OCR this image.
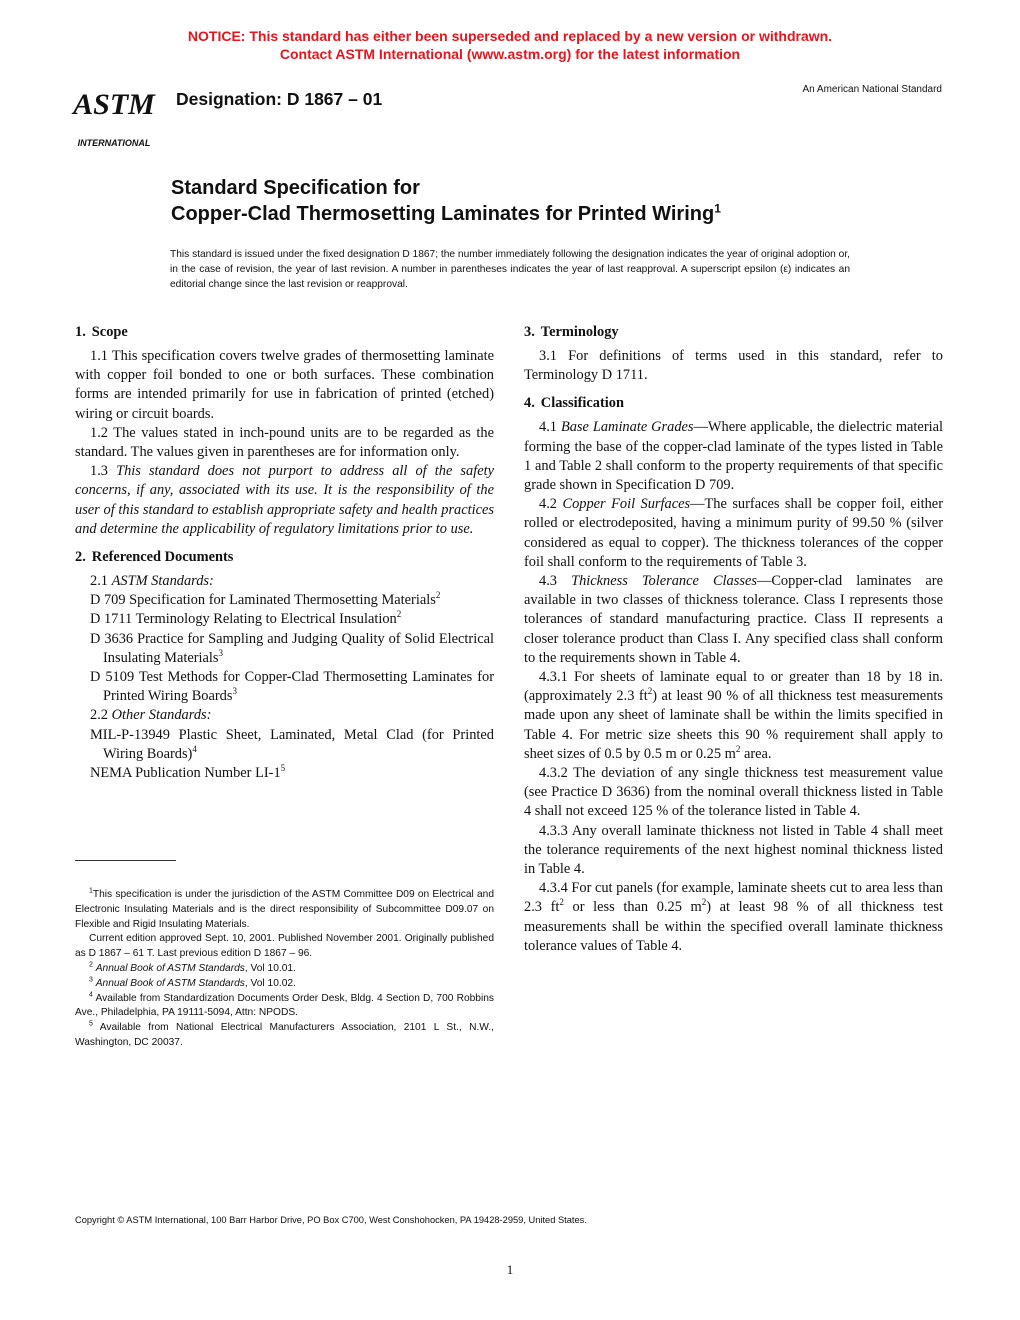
NOTICE: This standard has either been superseded and replaced by a new version or withdrawn.
Contact ASTM International (www.astm.org) for the latest information
ASTM
INTERNATIONAL
Designation: D 1867 – 01	An American National Standard
Standard Specification for
Copper-Clad Thermosetting Laminates for Printed Wiring$^1$
This standard is issued under the fixed designation D 1867; the number immediately following the designation indicates the year of original adoption or, in the case of revision, the year of last revision. A number in parentheses indicates the year of last reapproval. A superscript epsilon (ε) indicates an editorial change since the last revision or reapproval.
1. Scope

1.1 This specification covers twelve grades of thermosetting laminate with copper foil bonded to one or both surfaces. These combination forms are intended primarily for use in fabrication of printed (etched) wiring or circuit boards.

1.2 The values stated in inch-pound units are to be regarded as the standard. The values given in parentheses are for information only.

1.3 This standard does not purport to address all of the safety concerns, if any, associated with its use. It is the responsibility of the user of this standard to establish appropriate safety and health practices and determine the applicability of regulatory limitations prior to use.

2. Referenced Documents

2.1 ASTM Standards:

D 709 Specification for Laminated Thermosetting Materials$^2$

D 1711 Terminology Relating to Electrical Insulation$^2$

D 3636 Practice for Sampling and Judging Quality of Solid Electrical Insulating Materials$^3$

D 5109 Test Methods for Copper-Clad Thermosetting Laminates for Printed Wiring Boards$^3$

2.2 Other Standards:

MIL-P-13949 Plastic Sheet, Laminated, Metal Clad (for Printed Wiring Boards)$^4$

NEMA Publication Number $LI-1^5$

$^1$This specification is under the jurisdiction of the ASTM Committee D09 on Electrical and Electronic Insulating Materials and is the direct responsibility of Subcommittee D09.07 on Flexible and Rigid Insulating Materials.

Current edition approved Sept. 10, 2001. Published November 2001. Originally published as D 1867 – 61 T. Last previous edition D 1867 – 96.

$^2$ Annual Book of ASTM Standards, Vol 10.01.

$^3$ Annual Book of ASTM Standards, Vol 10.02.

$^4$ Available from Standardization Documents Order Desk, Bldg. 4 Section D, 700 Robbins Ave., Philadelphia, PA 19111-5094, Attn: NPODS.

$^5$ Available from National Electrical Manufacturers Association, 2101 L St., N.W., Washington, DC 20037.

3. Terminology

3.1 For definitions of terms used in this standard, refer to Terminology D 1711.

4. Classification

4.1 Base Laminate Grades—Where applicable, the dielectric material forming the base of the copper-clad laminate of the types listed in Table 1 and Table 2 shall conform to the property requirements of that specific grade shown in Specification D 709.

4.2 Copper Foil Surfaces—The surfaces shall be copper foil, either rolled or electrodeposited, having a minimum purity of 99.50 % (silver considered as equal to copper). The thickness tolerances of the copper foil shall conform to the requirements of Table 3.

4.3 Thickness Tolerance Classes—Copper-clad laminates are available in two classes of thickness tolerance. Class I represents those tolerances of standard manufacturing practice. Class II represents a closer tolerance product than Class I. Any specified class shall conform to the requirements shown in Table 4.

4.3.1 For sheets of laminate equal to or greater than 18 by 18 in. (approximately 2.3 $ft^2$) at least 90 % of all thickness test measurements made upon any sheet of laminate shall be within the limits specified in Table 4. For metric size sheets this 90 % requirement shall apply to sheet sizes of 0.5 by 0.5 m or 0.25 $m^2$ area.

4.3.2 The deviation of any single thickness test measurement value (see Practice D 3636) from the nominal overall thickness listed in Table 4 shall not exceed 125 % of the tolerance listed in Table 4.

4.3.3 Any overall laminate thickness not listed in Table 4 shall meet the tolerance requirements of the next highest nominal thickness listed in Table 4.

4.3.4 For cut panels (for example, laminate sheets cut to area less than 2.3 $ft^2$ or less than 0.25 $m^2$) at least 98 % of all thickness test measurements shall be within the specified overall laminate thickness tolerance values of Table 4.

Copyright © ASTM International, 100 Barr Harbor Drive, PO Box C700, West Conshohocken, PA 19428-2959, United States.
1
